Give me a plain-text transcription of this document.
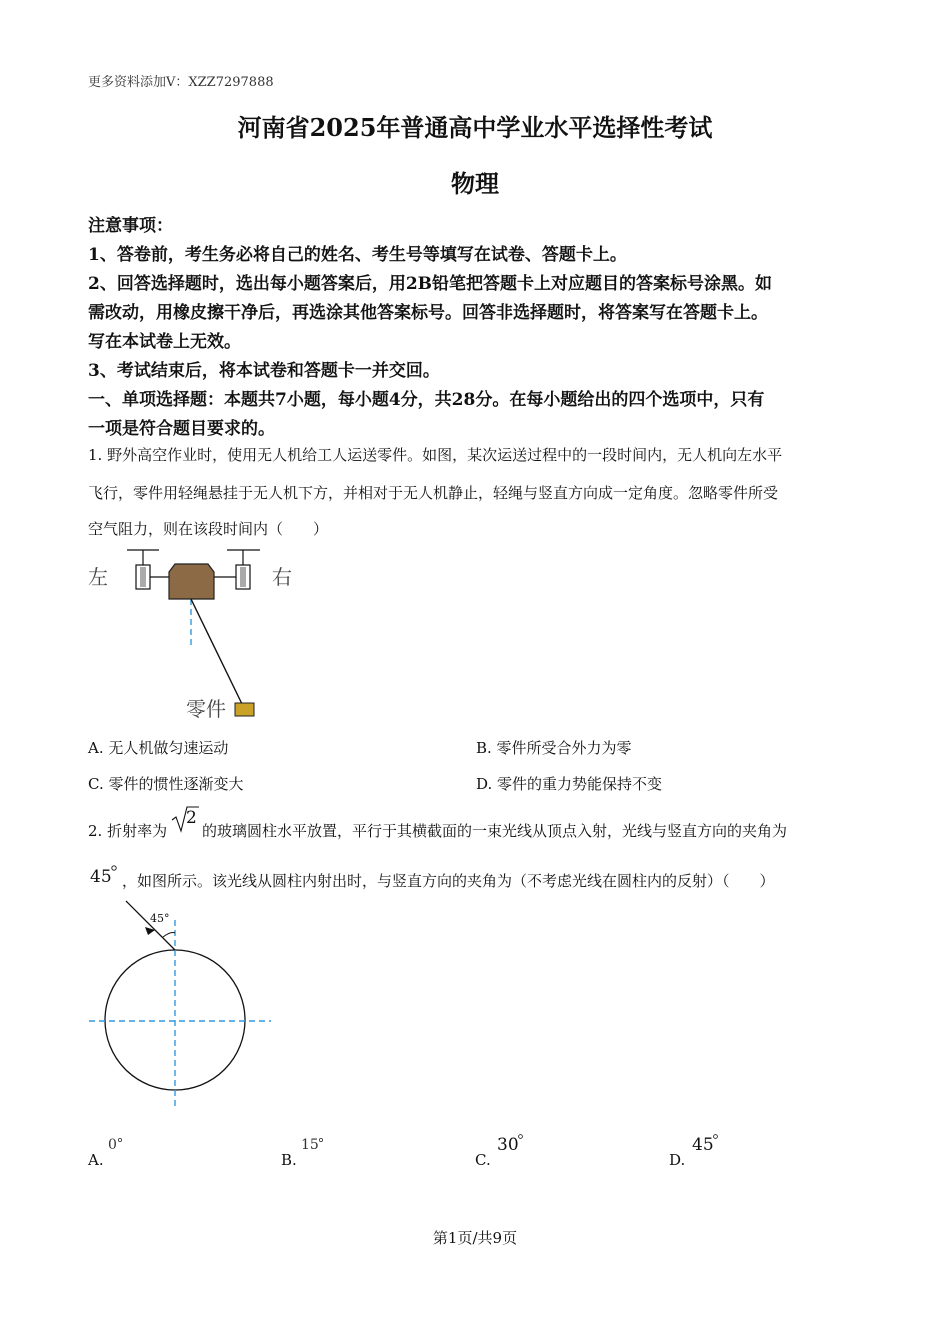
更多资料添加V：XZZ7297888
河南省2025年普通高中学业水平选择性考试
物理
注意事项：
1、答卷前，考生务必将自己的姓名、考生号等填写在试卷、答题卡上。
2、回答选择题时，选出每小题答案后，用2B铅笔把答题卡上对应题目的答案标号涂黑。如
需改动，用橡皮擦干净后，再选涂其他答案标号。回答非选择题时，将答案写在答题卡上。
写在本试卷上无效。
3、考试结束后，将本试卷和答题卡一并交回。
一、单项选择题：本题共7小题，每小题4分，共28分。在每小题给出的四个选项中，只有
一项是符合题目要求的。
1. 野外高空作业时，使用无人机给工人运送零件。如图，某次运送过程中的一段时间内，无人机向左水平
飞行，零件用轻绳悬挂于无人机下方，并相对于无人机静止，轻绳与竖直方向成一定角度。忽略零件所受
空气阻力，则在该段时间内（　　）
左	右
零件
A. 无人机做匀速运动	B. 零件所受合外力为零
C. 零件的惯性逐渐变大	D. 零件的重力势能保持不变
2. 折射率为
2
的玻璃圆柱水平放置，平行于其横截面的一束光线从顶点入射，光线与竖直方向的夹角为
45 ，如图所示。该光线从圆柱内射出时，与竖直方向的夹角为（不考虑光线在圆柱内的反射）（　　）
45°
A.
0
B.
15
C.
30
D.
45
第1页/共9页
